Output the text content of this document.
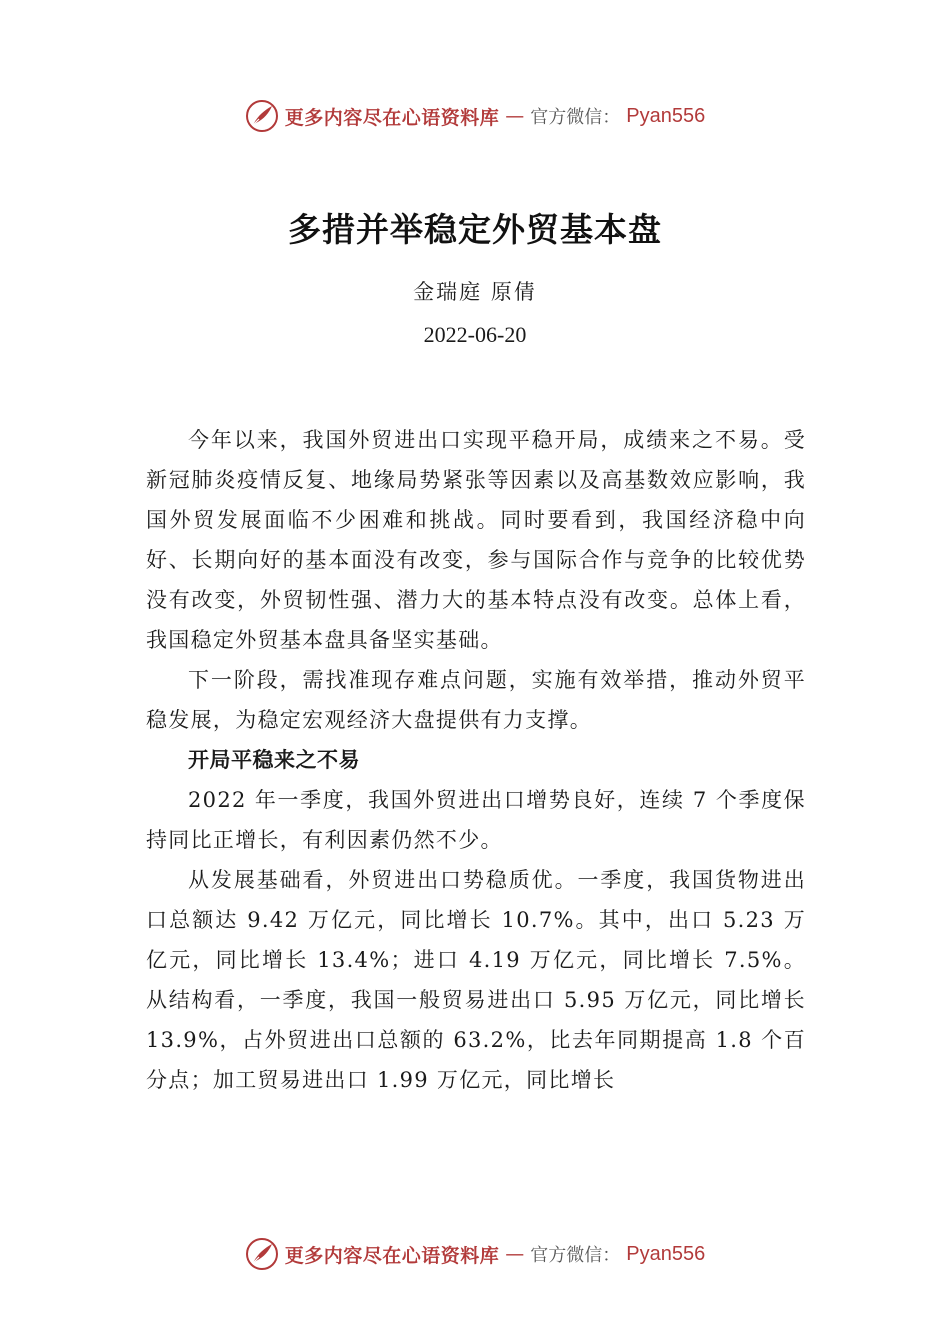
更多内容尽在心语资料库 — 官方微信： Pyan556
多措并举稳定外贸基本盘
金瑞庭 原倩
2022-06-20

今年以来，我国外贸进出口实现平稳开局，成绩来之不易。受新冠肺炎疫情反复、地缘局势紧张等因素以及高基数效应影响，我国外贸发展面临不少困难和挑战。同时要看到，我国经济稳中向好、长期向好的基本面没有改变，参与国际合作与竞争的比较优势没有改变，外贸韧性强、潜力大的基本特点没有改变。总体上看，我国稳定外贸基本盘具备坚实基础。

下一阶段，需找准现存难点问题，实施有效举措，推动外贸平稳发展，为稳定宏观经济大盘提供有力支撑。

开局平稳来之不易

2022 年一季度，我国外贸进出口增势良好，连续 7 个季度保持同比正增长，有利因素仍然不少。

从发展基础看，外贸进出口势稳质优。一季度，我国货物进出口总额达 9.42 万亿元，同比增长 10.7%。其中，出口 5.23 万亿元，同比增长 13.4%；进口 4.19 万亿元，同比增长 7.5%。从结构看，一季度，我国一般贸易进出口 5.95 万亿元，同比增长 13.9%，占外贸进出口总额的 63.2%，比去年同期提高 1.8 个百分点；加工贸易进出口 1.99 万亿元，同比增长

更多内容尽在心语资料库 — 官方微信： Pyan556
